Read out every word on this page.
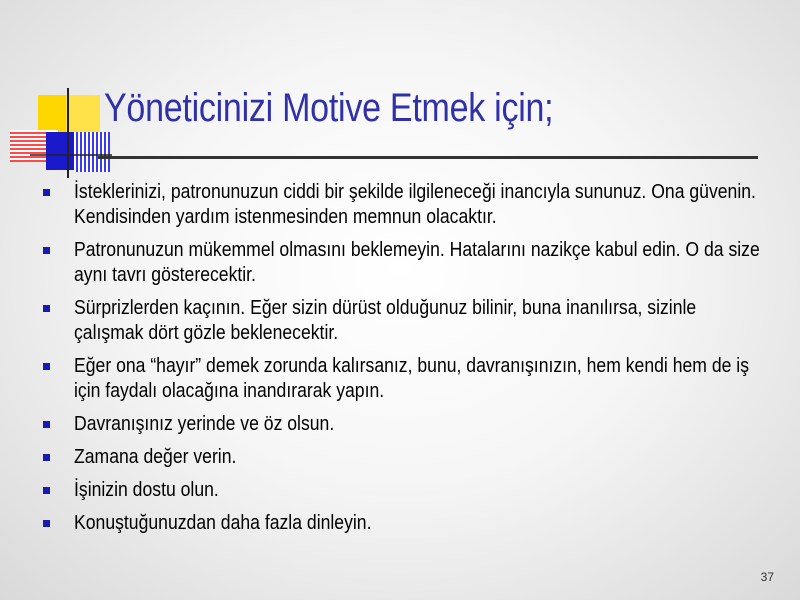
Yöneticinizi Motive Etmek için;
İsteklerinizi, patronunuzun ciddi bir şekilde ilgileneceği inancıyla sununuz. Ona güvenin. Kendisinden yardım istenmesinden memnun olacaktır.
Patronunuzun mükemmel olmasını beklemeyin. Hatalarını nazikçe kabul edin. O da size aynı tavrı gösterecektir.
Sürprizlerden kaçının. Eğer sizin dürüst olduğunuz bilinir, buna inanılırsa, sizinle çalışmak dört gözle beklenecektir.
Eğer ona “hayır” demek zorunda kalırsanız, bunu, davranışınızın, hem kendi hem de iş için faydalı olacağına inandırarak yapın.
Davranışınız yerinde ve öz olsun.
Zamana değer verin.
İşinizin dostu olun.
Konuştuğunuzdan daha fazla dinleyin.
37
